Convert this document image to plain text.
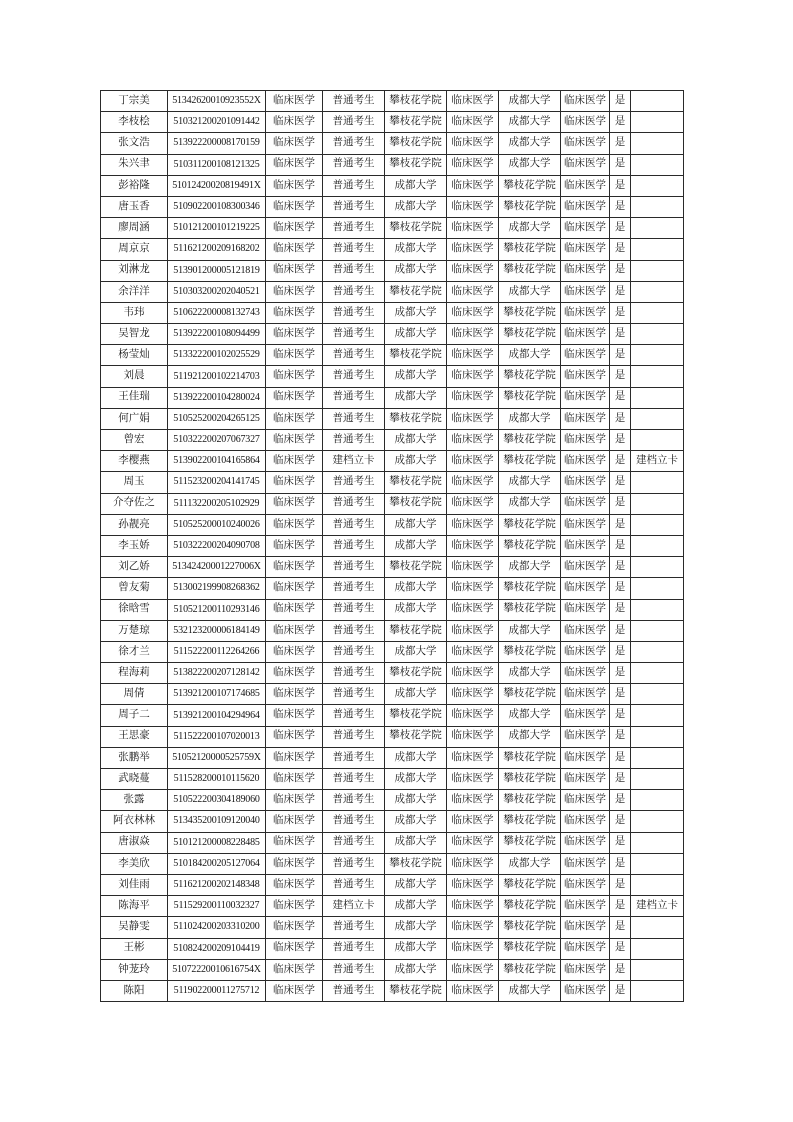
丁宗美	51342620010923552X	临床医学	普通考生	攀枝花学院	临床医学	成都大学	临床医学	是	
李枝桧	510321200201091442	临床医学	普通考生	攀枝花学院	临床医学	成都大学	临床医学	是	
张文浩	513922200008170159	临床医学	普通考生	攀枝花学院	临床医学	成都大学	临床医学	是	
朱兴聿	510311200108121325	临床医学	普通考生	攀枝花学院	临床医学	成都大学	临床医学	是	
彭裕隆	51012420020819491X	临床医学	普通考生	成都大学	临床医学	攀枝花学院	临床医学	是	
唐玉香	510902200108300346	临床医学	普通考生	成都大学	临床医学	攀枝花学院	临床医学	是	
廖周涵	510121200101219225	临床医学	普通考生	攀枝花学院	临床医学	成都大学	临床医学	是	
周京京	511621200209168202	临床医学	普通考生	成都大学	临床医学	攀枝花学院	临床医学	是	
刘淋龙	513901200005121819	临床医学	普通考生	成都大学	临床医学	攀枝花学院	临床医学	是	
余洋洋	510303200202040521	临床医学	普通考生	攀枝花学院	临床医学	成都大学	临床医学	是	
韦玮	510622200008132743	临床医学	普通考生	成都大学	临床医学	攀枝花学院	临床医学	是	
吴智龙	513922200108094499	临床医学	普通考生	成都大学	临床医学	攀枝花学院	临床医学	是	
杨莹灿	513322200102025529	临床医学	普通考生	攀枝花学院	临床医学	成都大学	临床医学	是	
刘晨	511921200102214703	临床医学	普通考生	成都大学	临床医学	攀枝花学院	临床医学	是	
王佳瑞	513922200104280024	临床医学	普通考生	成都大学	临床医学	攀枝花学院	临床医学	是	
何广娟	510525200204265125	临床医学	普通考生	攀枝花学院	临床医学	成都大学	临床医学	是	
曾宏	510322200207067327	临床医学	普通考生	成都大学	临床医学	攀枝花学院	临床医学	是	
李樱燕	513902200104165864	临床医学	建档立卡	成都大学	临床医学	攀枝花学院	临床医学	是	建档立卡
周玉	511523200204141745	临床医学	普通考生	攀枝花学院	临床医学	成都大学	临床医学	是	
介夺佐之	511132200205102929	临床医学	普通考生	攀枝花学院	临床医学	成都大学	临床医学	是	
孙靓亮	510525200010240026	临床医学	普通考生	成都大学	临床医学	攀枝花学院	临床医学	是	
李玉娇	510322200204090708	临床医学	普通考生	成都大学	临床医学	攀枝花学院	临床医学	是	
刘乙娇	51342420001227006X	临床医学	普通考生	攀枝花学院	临床医学	成都大学	临床医学	是	
曾友菊	513002199908268362	临床医学	普通考生	成都大学	临床医学	攀枝花学院	临床医学	是	
徐晗雪	510521200110293146	临床医学	普通考生	成都大学	临床医学	攀枝花学院	临床医学	是	
万楚琼	532123200006184149	临床医学	普通考生	攀枝花学院	临床医学	成都大学	临床医学	是	
徐才兰	511522200112264266	临床医学	普通考生	成都大学	临床医学	攀枝花学院	临床医学	是	
程海莉	513822200207128142	临床医学	普通考生	攀枝花学院	临床医学	成都大学	临床医学	是	
周倩	513921200107174685	临床医学	普通考生	成都大学	临床医学	攀枝花学院	临床医学	是	
周子二	513921200104294964	临床医学	普通考生	攀枝花学院	临床医学	成都大学	临床医学	是	
王思豪	511522200107020013	临床医学	普通考生	攀枝花学院	临床医学	成都大学	临床医学	是	
张鹏举	51052120000525759X	临床医学	普通考生	成都大学	临床医学	攀枝花学院	临床医学	是	
武晓蔓	511528200010115620	临床医学	普通考生	成都大学	临床医学	攀枝花学院	临床医学	是	
张露	510522200304189060	临床医学	普通考生	成都大学	临床医学	攀枝花学院	临床医学	是	
阿衣林林	513435200109120040	临床医学	普通考生	成都大学	临床医学	攀枝花学院	临床医学	是	
唐淑焱	510121200008228485	临床医学	普通考生	成都大学	临床医学	攀枝花学院	临床医学	是	
李美欣	510184200205127064	临床医学	普通考生	攀枝花学院	临床医学	成都大学	临床医学	是	
刘佳雨	511621200202148348	临床医学	普通考生	成都大学	临床医学	攀枝花学院	临床医学	是	
陈海平	511529200110032327	临床医学	建档立卡	成都大学	临床医学	攀枝花学院	临床医学	是	建档立卡
吴静雯	511024200203310200	临床医学	普通考生	成都大学	临床医学	攀枝花学院	临床医学	是	
王彬	510824200209104419	临床医学	普通考生	成都大学	临床医学	攀枝花学院	临床医学	是	
钟茏玲	51072220010616754X	临床医学	普通考生	成都大学	临床医学	攀枝花学院	临床医学	是	
陈阳	511902200011275712	临床医学	普通考生	攀枝花学院	临床医学	成都大学	临床医学	是	
